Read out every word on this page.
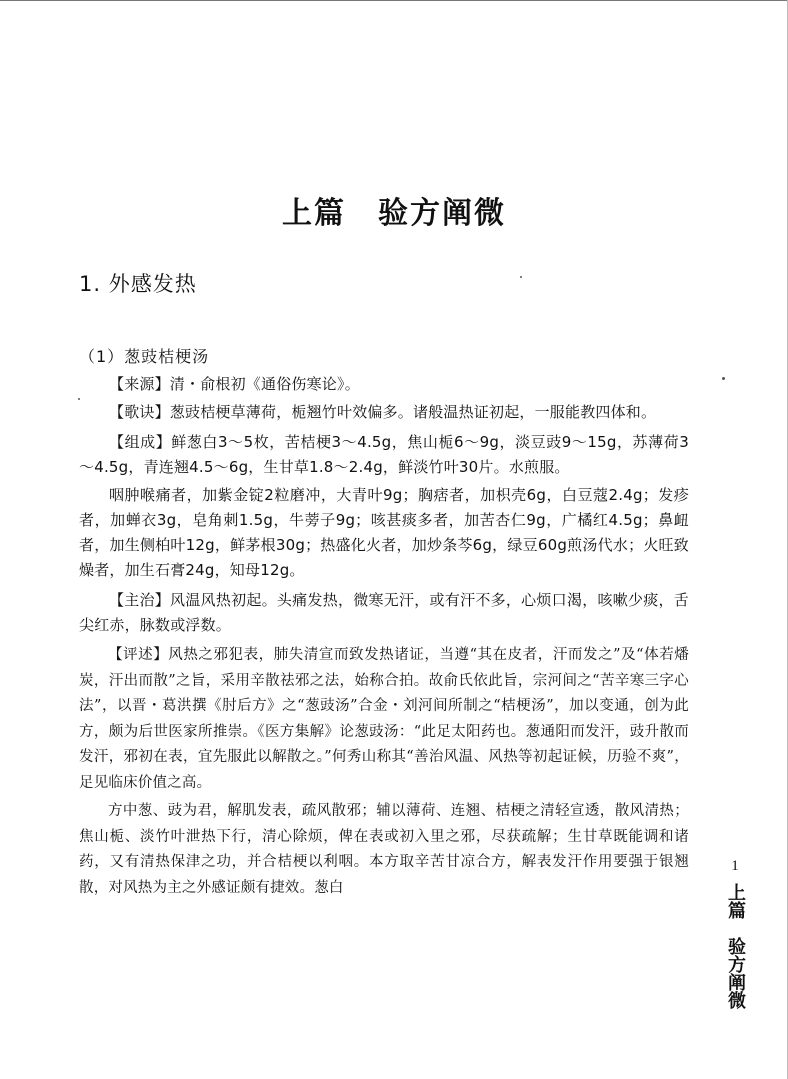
上篇　验方阐微
1. 外感发热
（1）葱豉桔梗汤

【来源】清・俞根初《通俗伤寒论》。

【歌诀】葱豉桔梗草薄荷，栀翘竹叶效偏多。诸般温热证初起，一服能教四体和。

【组成】鲜葱白3～5枚，苦桔梗3～4.5g，焦山栀6～9g，淡豆豉9～15g，苏薄荷3～4.5g，青连翘4.5～6g，生甘草1.8～2.4g，鲜淡竹叶30片。水煎服。

咽肿喉痛者，加紫金锭2粒磨冲，大青叶9g；胸痞者，加枳壳6g，白豆蔻2.4g；发疹者，加蝉衣3g，皂角刺1.5g，牛蒡子9g；咳甚痰多者，加苦杏仁9g，广橘红4.5g；鼻衄者，加生侧柏叶12g，鲜茅根30g；热盛化火者，加炒条芩6g，绿豆60g煎汤代水；火旺致燥者，加生石膏24g，知母12g。

【主治】风温风热初起。头痛发热，微寒无汗，或有汗不多，心烦口渴，咳嗽少痰，舌尖红赤，脉数或浮数。

【评述】风热之邪犯表，肺失清宣而致发热诸证，当遵“其在皮者，汗而发之”及“体若燔炭，汗出而散”之旨，采用辛散祛邪之法，始称合拍。故俞氏依此旨，宗河间之“苦辛寒三字心法”，以晋・葛洪撰《肘后方》之“葱豉汤”合金・刘河间所制之“桔梗汤”，加以变通，创为此方，颇为后世医家所推崇。《医方集解》论葱豉汤：“此足太阳药也。葱通阳而发汗，豉升散而发汗，邪初在表，宜先服此以解散之。”何秀山称其“善治风温、风热等初起证候，历验不爽”，足见临床价值之高。

方中葱、豉为君，解肌发表，疏风散邪；辅以薄荷、连翘、桔梗之清轻宣透，散风清热；焦山栀、淡竹叶泄热下行，清心除烦，俾在表或初入里之邪，尽获疏解；生甘草既能调和诸药，又有清热保津之功，并合桔梗以利咽。本方取辛苦甘凉合方，解表发汗作用要强于银翘散，对风热为主之外感证颇有捷效。葱白

1
上篇　验方阐微
